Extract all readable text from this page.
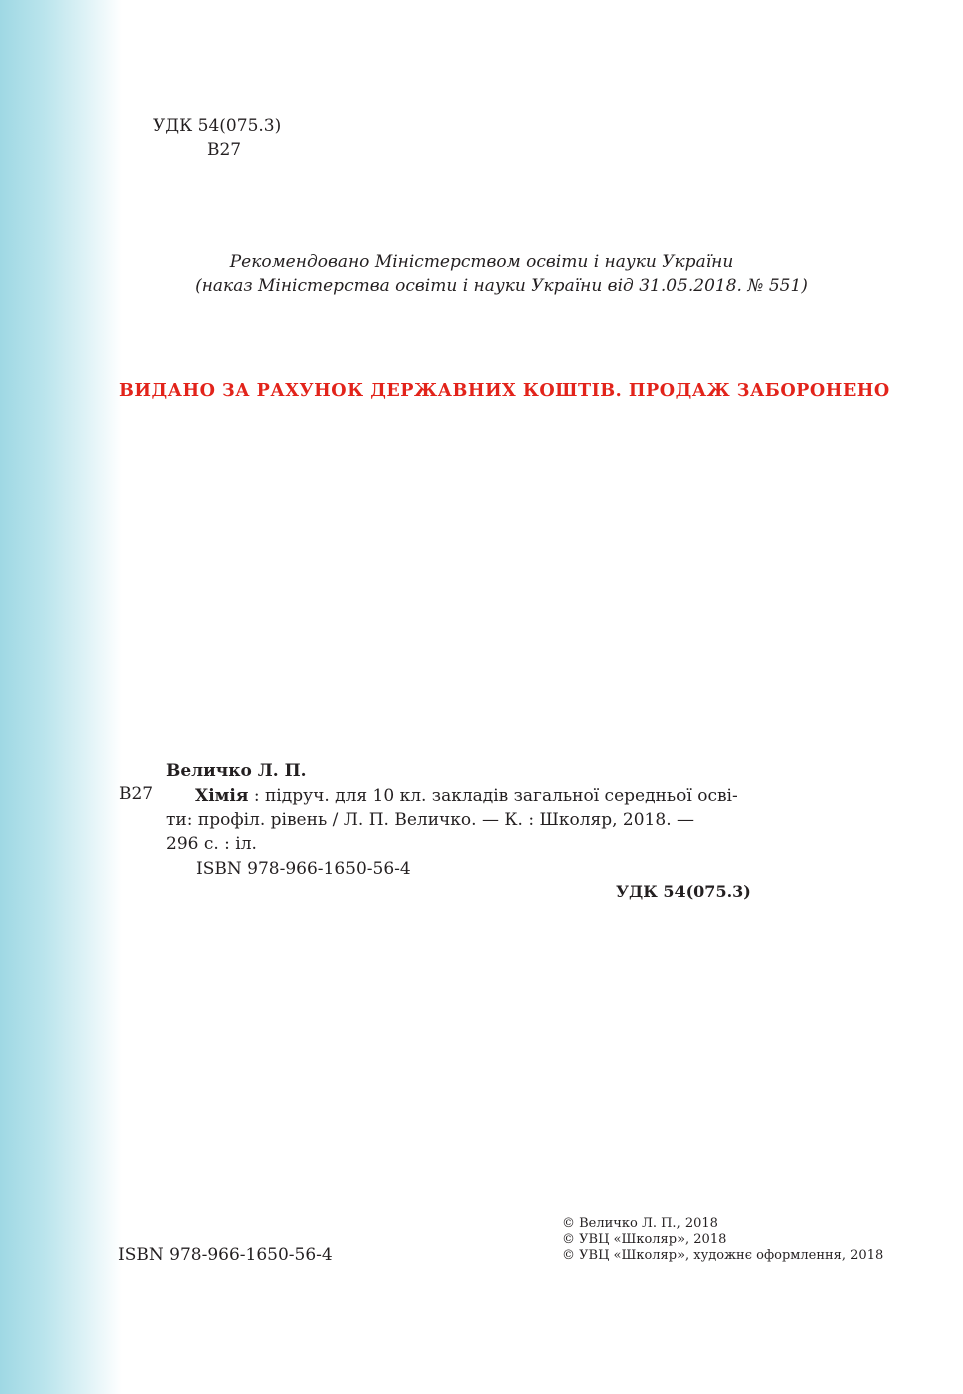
УДК 54(075.3)
В27
Рекомендовано Міністерством освіти і науки України
(наказ Міністерства освіти і науки України від 31.05.2018. № 551)
ВИДАНО ЗА РАХУНОК ДЕРЖАВНИХ КОШТІВ. ПРОДАЖ ЗАБОРОНЕНО
Величко Л. П.
В27	Хімія : підруч. для 10 кл. закладів загальної середньої осві-
ти: профіл. рівень / Л. П. Величко. — К. : Школяр, 2018. —
296 с. : іл.
ISBN 978-966-1650-56-4
УДК 54(075.3)
ISBN 978-966-1650-56-4
© Величко Л. П., 2018
© УВЦ «Школяр», 2018
© УВЦ «Школяр», художнє оформлення, 2018
